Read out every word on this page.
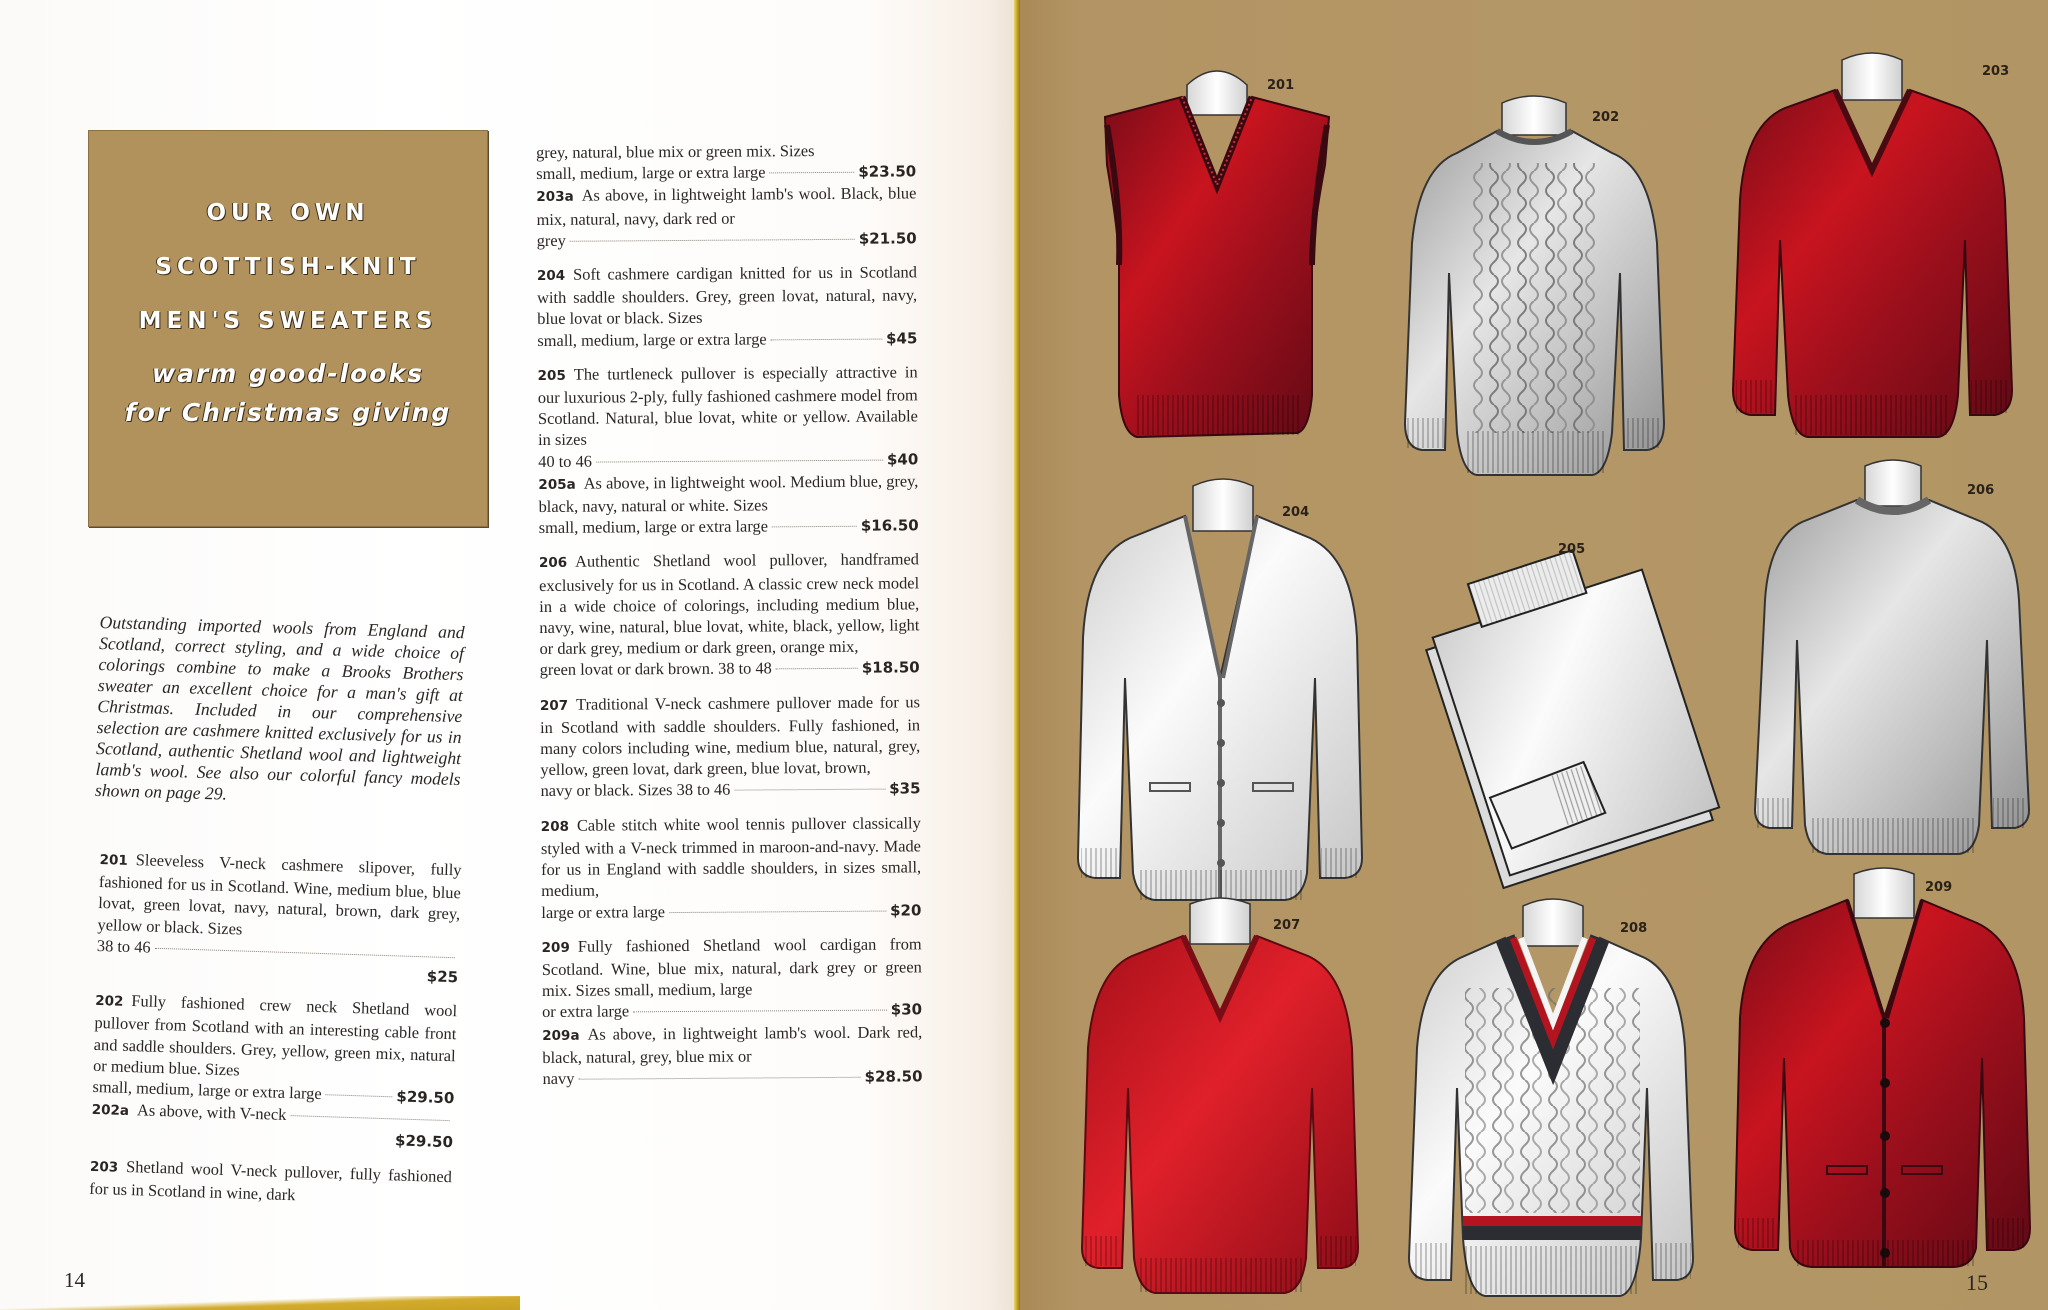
OUR OWN
SCOTTISH-KNIT
MEN'S SWEATERS
warm good-looks
for Christmas giving

Outstanding imported wools from England and Scotland, correct styling, and a wide choice of colorings combine to make a Brooks Brothers sweater an excellent choice for a man's gift at Christmas. Included in our comprehensive selection are cashmere knitted exclusively for us in Scotland, authentic Shetland wool and lightweight lamb's wool. See also our colorful fancy models shown on page 29.

201 Sleeveless V-neck cashmere slipover, fully fashioned for us in Scotland. Wine, medium blue, blue lovat, green lovat, navy, natural, brown, dark grey, yellow or black. Sizes
38 to 46
$25
202 Fully fashioned crew neck Shetland wool pullover from Scotland with an interesting cable front and saddle shoulders. Grey, yellow, green mix, natural or medium blue. Sizes
small, medium, large or extra large	$29.50
202a As above, with V-neck
$29.50
203 Shetland wool V-neck pullover, fully fashioned for us in Scotland in wine, dark
grey, natural, blue mix or green mix. Sizes
small, medium, large or extra large	$23.50
203a As above, in lightweight lamb's wool. Black, blue mix, natural, navy, dark red or
grey	$21.50
204 Soft cashmere cardigan knitted for us in Scotland with saddle shoulders. Grey, green lovat, natural, navy, blue lovat or black. Sizes
small, medium, large or extra large	$45
205 The turtleneck pullover is especially attractive in our luxurious 2-ply, fully fashioned cashmere model from Scotland. Natural, blue lovat, white or yellow. Available in sizes
40 to 46	$40
205a As above, in lightweight wool. Medium blue, grey, black, navy, natural or white. Sizes
small, medium, large or extra large	$16.50
206 Authentic Shetland wool pullover, handframed exclusively for us in Scotland. A classic crew neck model in a wide choice of colorings, including medium blue, navy, wine, natural, blue lovat, white, black, yellow, light or dark grey, medium or dark green, orange mix,
green lovat or dark brown. 38 to 48	$18.50
207 Traditional V-neck cashmere pullover made for us in Scotland with saddle shoulders. Fully fashioned, in many colors including wine, medium blue, natural, grey, yellow, green lovat, dark green, blue lovat, brown,
navy or black. Sizes 38 to 46	$35
208 Cable stitch white wool tennis pullover classically styled with a V-neck trimmed in maroon-and-navy. Made for us in England with saddle shoulders, in sizes small, medium,
large or extra large	$20
209 Fully fashioned Shetland wool cardigan from Scotland. Wine, blue mix, natural, dark grey or green mix. Sizes small, medium, large
or extra large	$30
209a As above, in lightweight lamb's wool. Dark red, black, natural, grey, blue mix or
navy	$28.50
14
201
202
203
204
205
206
207	208
209
15
